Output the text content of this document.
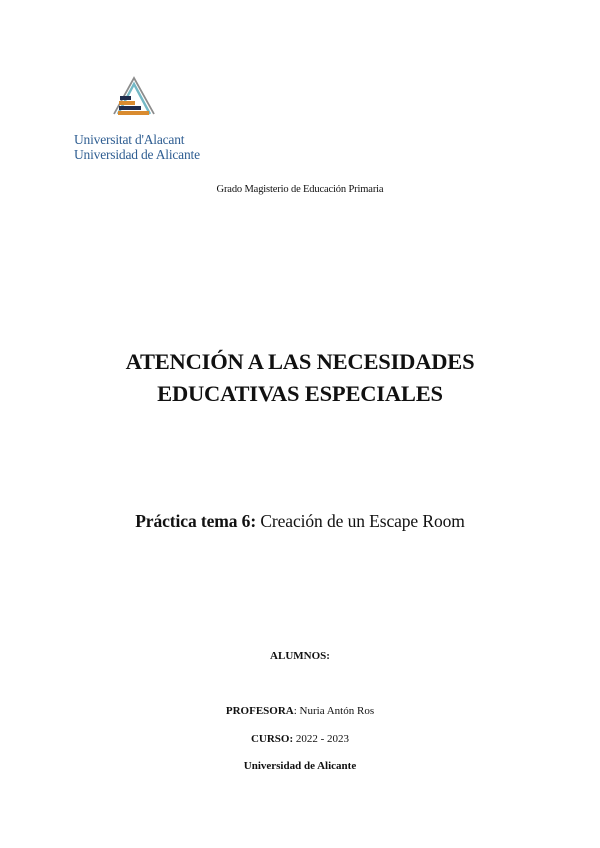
Universitat d'Alacant
Universidad de Alicante
Grado Magisterio de Educación Primaria
ATENCIÓN A LAS NECESIDADES
EDUCATIVAS ESPECIALES
Práctica tema 6: Creación de un Escape Room
ALUMNOS:
PROFESORA: Nuria Antón Ros
CURSO: 2022 - 2023
Universidad de Alicante
